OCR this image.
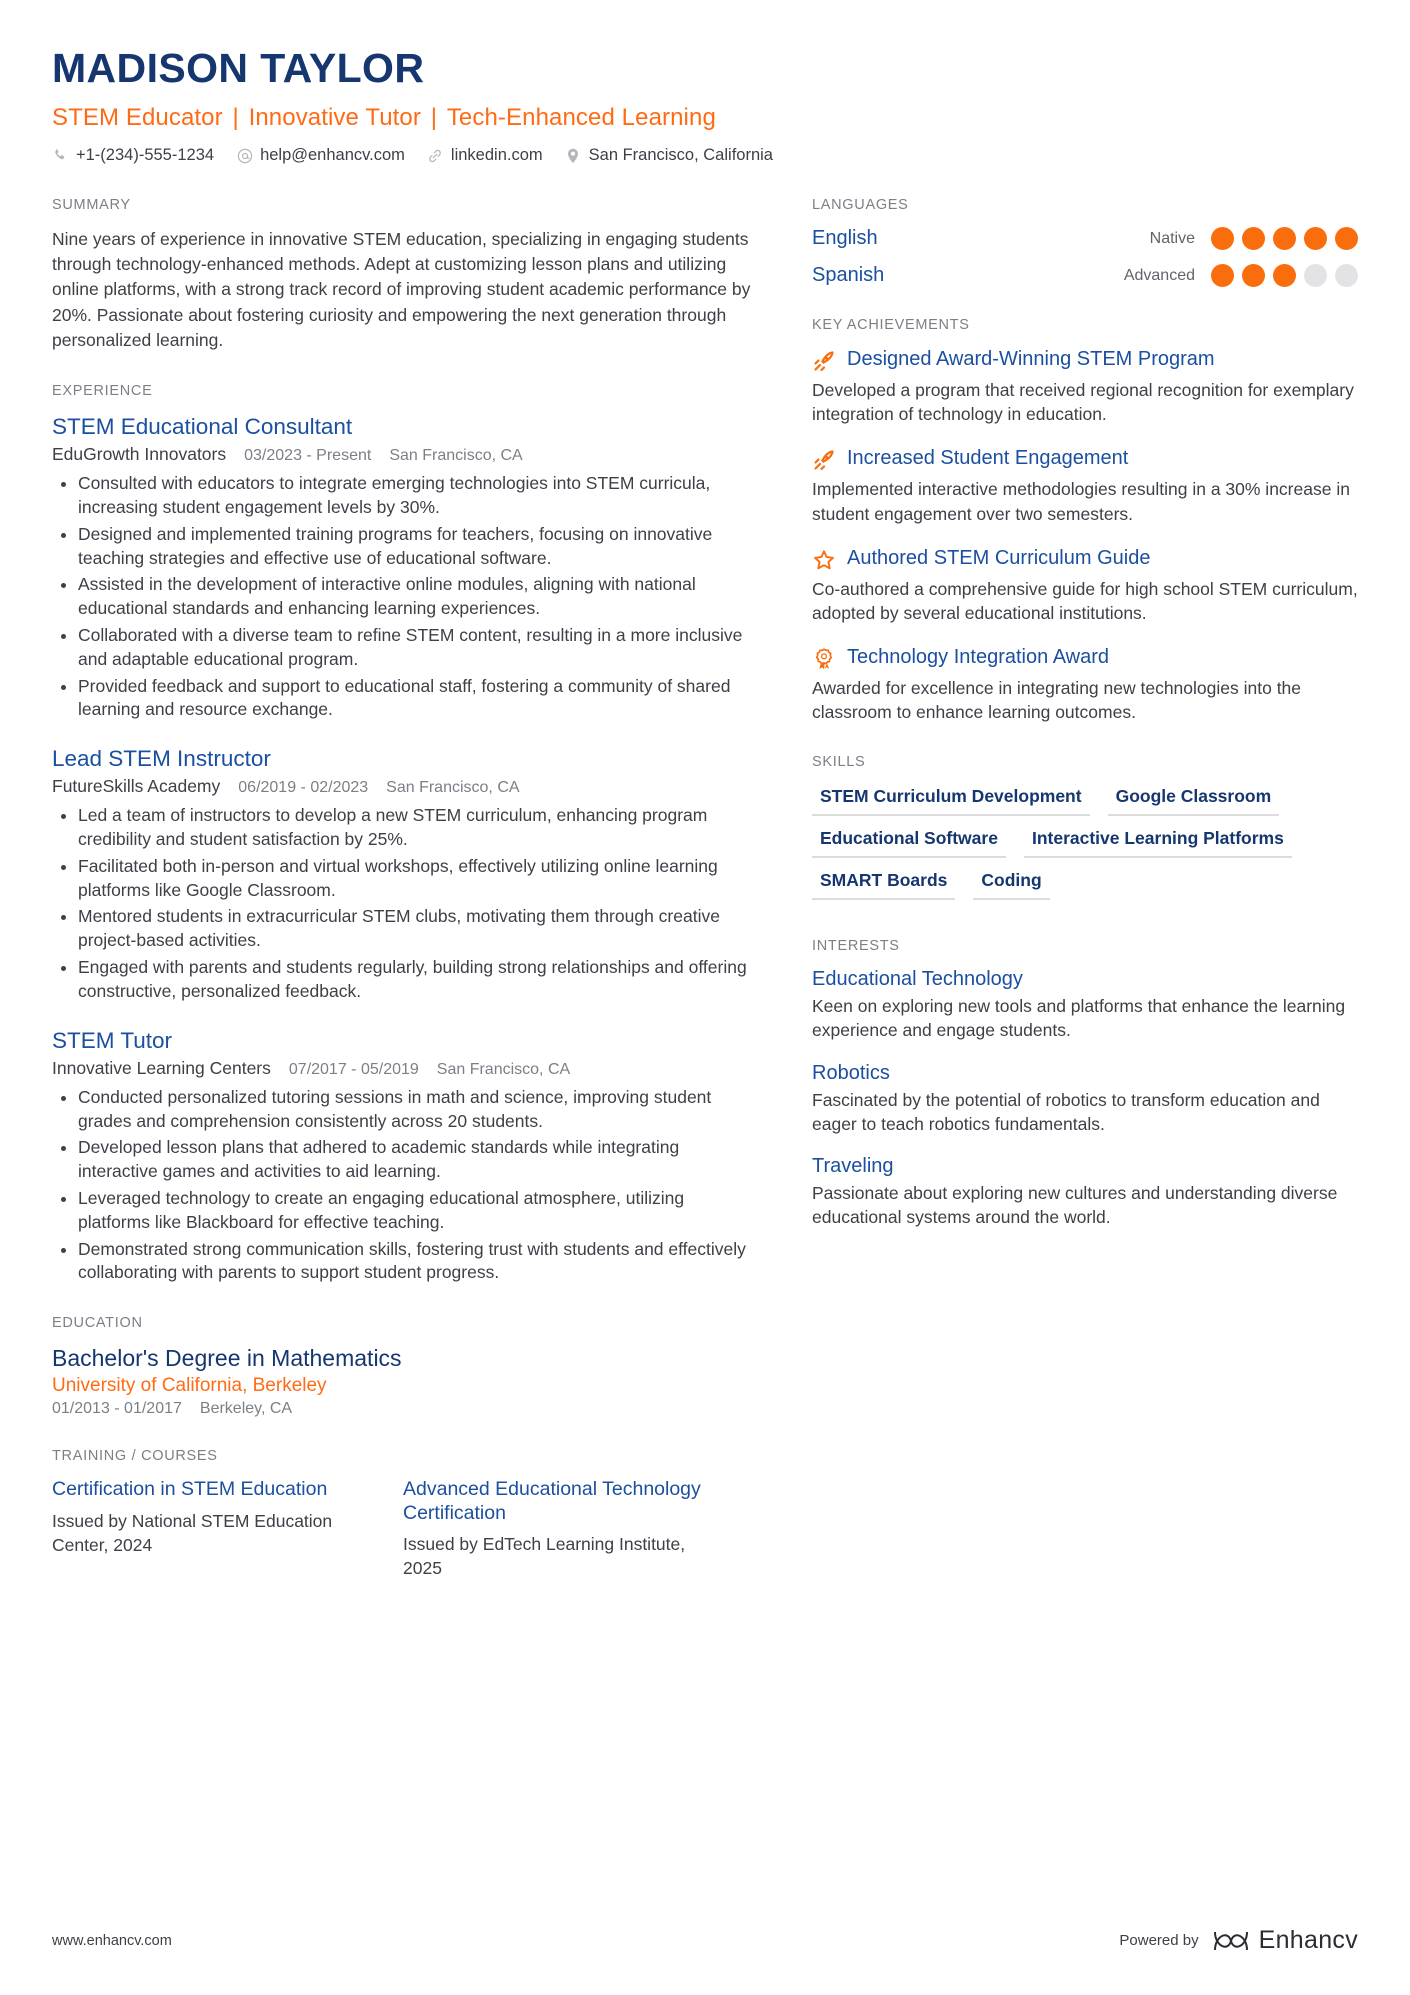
MADISON TAYLOR
STEM Educator | Innovative Tutor | Tech-Enhanced Learning
+1-(234)-555-1234	help@enhancv.com	linkedin.com	San Francisco, California
SUMMARY
Nine years of experience in innovative STEM education, specializing in engaging students through technology-enhanced methods. Adept at customizing lesson plans and utilizing online platforms, with a strong track record of improving student academic performance by 20%. Passionate about fostering curiosity and empowering the next generation through personalized learning.
EXPERIENCE
STEM Educational Consultant
EduGrowth Innovators 03/2023 - Present San Francisco, CA
Consulted with educators to integrate emerging technologies into STEM curricula, increasing student engagement levels by 30%.
Designed and implemented training programs for teachers, focusing on innovative teaching strategies and effective use of educational software.
Assisted in the development of interactive online modules, aligning with national educational standards and enhancing learning experiences.
Collaborated with a diverse team to refine STEM content, resulting in a more inclusive and adaptable educational program.
Provided feedback and support to educational staff, fostering a community of shared learning and resource exchange.
Lead STEM Instructor
FutureSkills Academy 06/2019 - 02/2023 San Francisco, CA
Led a team of instructors to develop a new STEM curriculum, enhancing program credibility and student satisfaction by 25%.
Facilitated both in-person and virtual workshops, effectively utilizing online learning platforms like Google Classroom.
Mentored students in extracurricular STEM clubs, motivating them through creative project-based activities.
Engaged with parents and students regularly, building strong relationships and offering constructive, personalized feedback.
STEM Tutor
Innovative Learning Centers 07/2017 - 05/2019 San Francisco, CA
Conducted personalized tutoring sessions in math and science, improving student grades and comprehension consistently across 20 students.
Developed lesson plans that adhered to academic standards while integrating interactive games and activities to aid learning.
Leveraged technology to create an engaging educational atmosphere, utilizing platforms like Blackboard for effective teaching.
Demonstrated strong communication skills, fostering trust with students and effectively collaborating with parents to support student progress.
EDUCATION
Bachelor's Degree in Mathematics
University of California, Berkeley
01/2013 - 01/2017 Berkeley, CA
TRAINING / COURSES
Certification in STEM Education
Issued by National STEM Education Center, 2024
Advanced Educational Technology Certification
Issued by EdTech Learning Institute, 2025
LANGUAGES
English	Native
Spanish	Advanced
KEY ACHIEVEMENTS
Designed Award-Winning STEM Program
Developed a program that received regional recognition for exemplary integration of technology in education.
Increased Student Engagement
Implemented interactive methodologies resulting in a 30% increase in student engagement over two semesters.
Authored STEM Curriculum Guide
Co-authored a comprehensive guide for high school STEM curriculum, adopted by several educational institutions.
Technology Integration Award
Awarded for excellence in integrating new technologies into the classroom to enhance learning outcomes.
SKILLS
STEM Curriculum Development	Google Classroom
Educational Software	Interactive Learning Platforms
SMART Boards	Coding
INTERESTS
Educational Technology
Keen on exploring new tools and platforms that enhance the learning experience and engage students.
Robotics
Fascinated by the potential of robotics to transform education and eager to teach robotics fundamentals.
Traveling
Passionate about exploring new cultures and understanding diverse educational systems around the world.
www.enhancv.com	Powered by Enhancv
